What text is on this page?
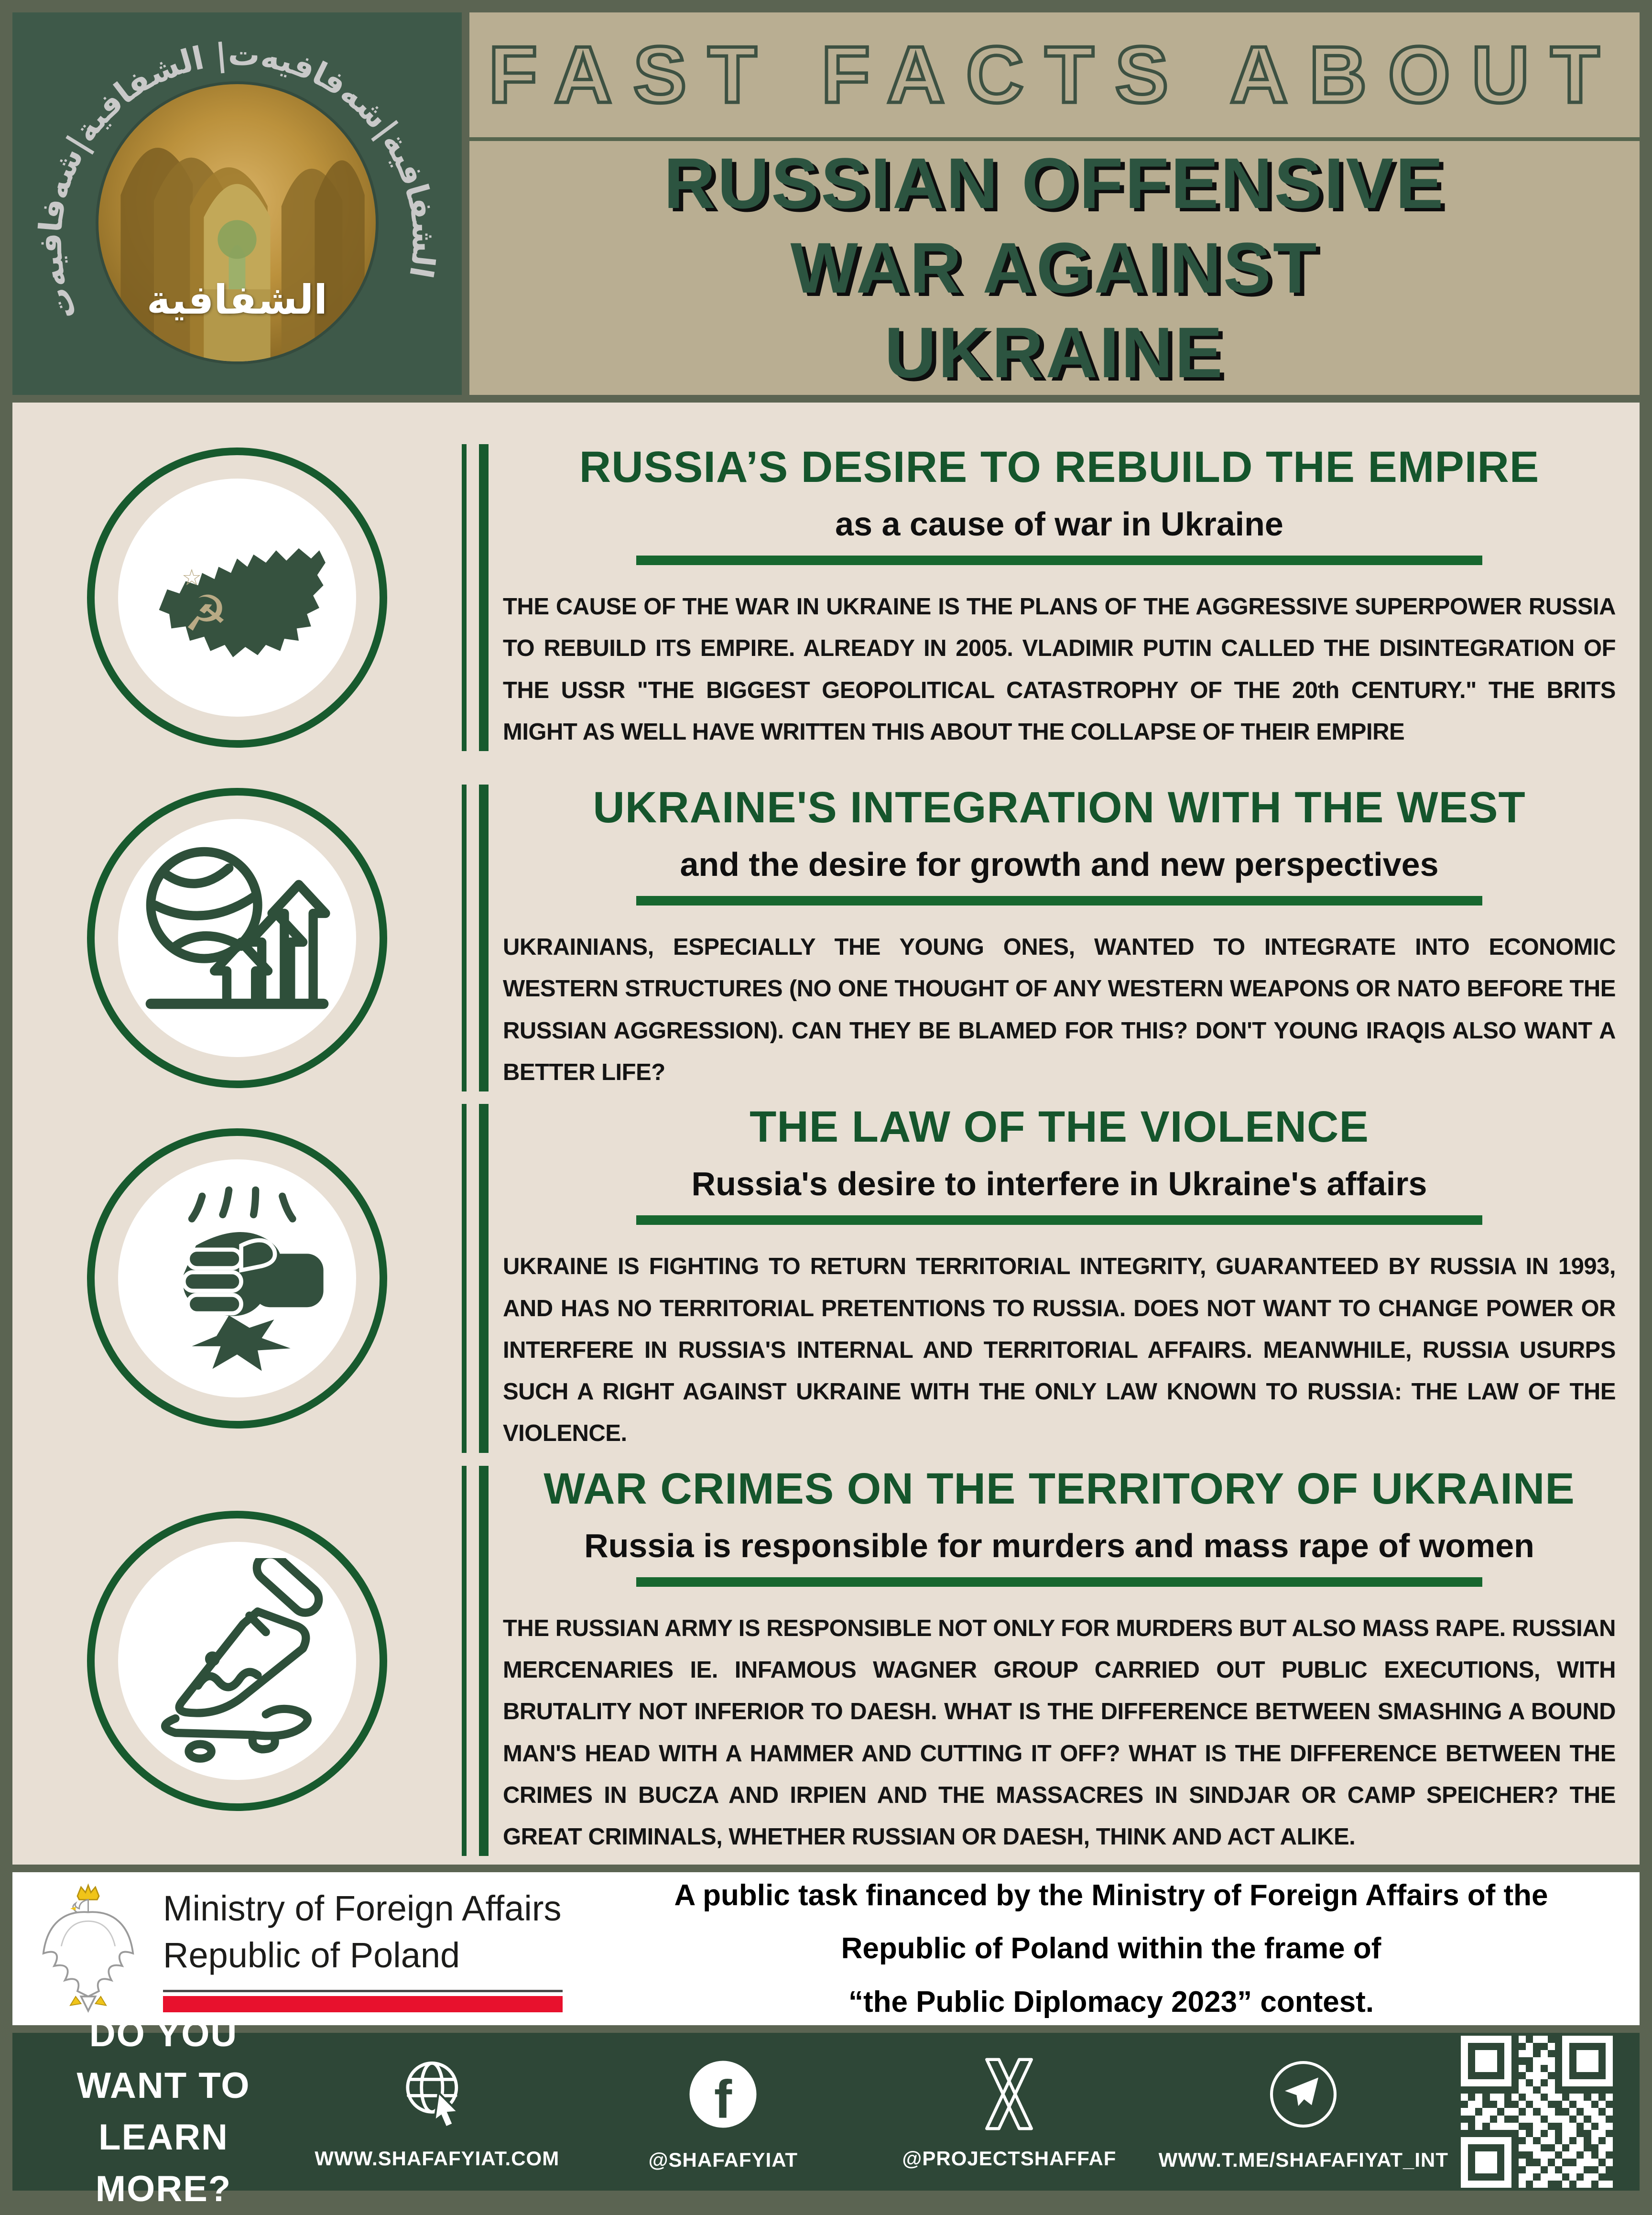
الشفافية|شەفافیەت| الشفافية|شەفافیەت
الشفافية
FAST FACTS ABOUT
RUSSIAN OFFENSIVE
WAR AGAINST
UKRAINE
☆
☭
RUSSIA’S DESIRE TO REBUILD THE EMPIRE
as a cause of war in Ukraine

THE CAUSE OF THE WAR IN UKRAINE IS THE PLANS OF THE AGGRESSIVE SUPERPOWER RUSSIA TO REBUILD ITS EMPIRE. ALREADY IN 2005. VLADIMIR PUTIN CALLED THE DISINTEGRATION OF THE USSR "THE BIGGEST GEOPOLITICAL CATASTROPHY OF THE 20th CENTURY." THE BRITS MIGHT AS WELL HAVE WRITTEN THIS ABOUT THE COLLAPSE OF THEIR EMPIRE

UKRAINE'S INTEGRATION WITH THE WEST
and the desire for growth and new perspectives

UKRAINIANS, ESPECIALLY THE YOUNG ONES, WANTED TO INTEGRATE INTO ECONOMIC WESTERN STRUCTURES (NO ONE THOUGHT OF ANY WESTERN WEAPONS OR NATO BEFORE THE RUSSIAN AGGRESSION). CAN THEY BE BLAMED FOR THIS? DON'T YOUNG IRAQIS ALSO WANT A BETTER LIFE?

THE LAW OF THE VIOLENCE
Russia's desire to interfere in Ukraine's affairs

UKRAINE IS FIGHTING TO RETURN TERRITORIAL INTEGRITY, GUARANTEED BY RUSSIA IN 1993, AND HAS NO TERRITORIAL PRETENTIONS TO RUSSIA. DOES NOT WANT TO CHANGE POWER OR INTERFERE IN RUSSIA'S INTERNAL AND TERRITORIAL AFFAIRS. MEANWHILE, RUSSIA USURPS SUCH A RIGHT AGAINST UKRAINE WITH THE ONLY LAW KNOWN TO RUSSIA: THE LAW OF THE VIOLENCE.

WAR CRIMES ON THE TERRITORY OF UKRAINE
Russia is responsible for murders and mass rape of women

THE RUSSIAN ARMY IS RESPONSIBLE NOT ONLY FOR MURDERS BUT ALSO MASS RAPE. RUSSIAN MERCENARIES IE. INFAMOUS WAGNER GROUP CARRIED OUT PUBLIC EXECUTIONS, WITH BRUTALITY NOT INFERIOR TO DAESH. WHAT IS THE DIFFERENCE BETWEEN SMASHING A BOUND MAN'S HEAD WITH A HAMMER AND CUTTING IT OFF? WHAT IS THE DIFFERENCE BETWEEN THE CRIMES IN BUCZA AND IRPIEN AND THE MASSACRES IN SINDJAR OR CAMP SPEICHER? THE GREAT CRIMINALS, WHETHER RUSSIAN OR DAESH, THINK AND ACT ALIKE.

Ministry of Foreign Affairs
Republic of Poland
A public task financed by the Ministry of Foreign Affairs of the
Republic of Poland within the frame of
“the Public Diplomacy 2023” contest.
DO YOU
WANT TO
LEARN MORE?
WWW.SHAFAFYIAT.COM
f
@SHAFAFYIAT	@PROJECTSHAFFAF WWW.T.ME/SHAFAFIYAT_INT
